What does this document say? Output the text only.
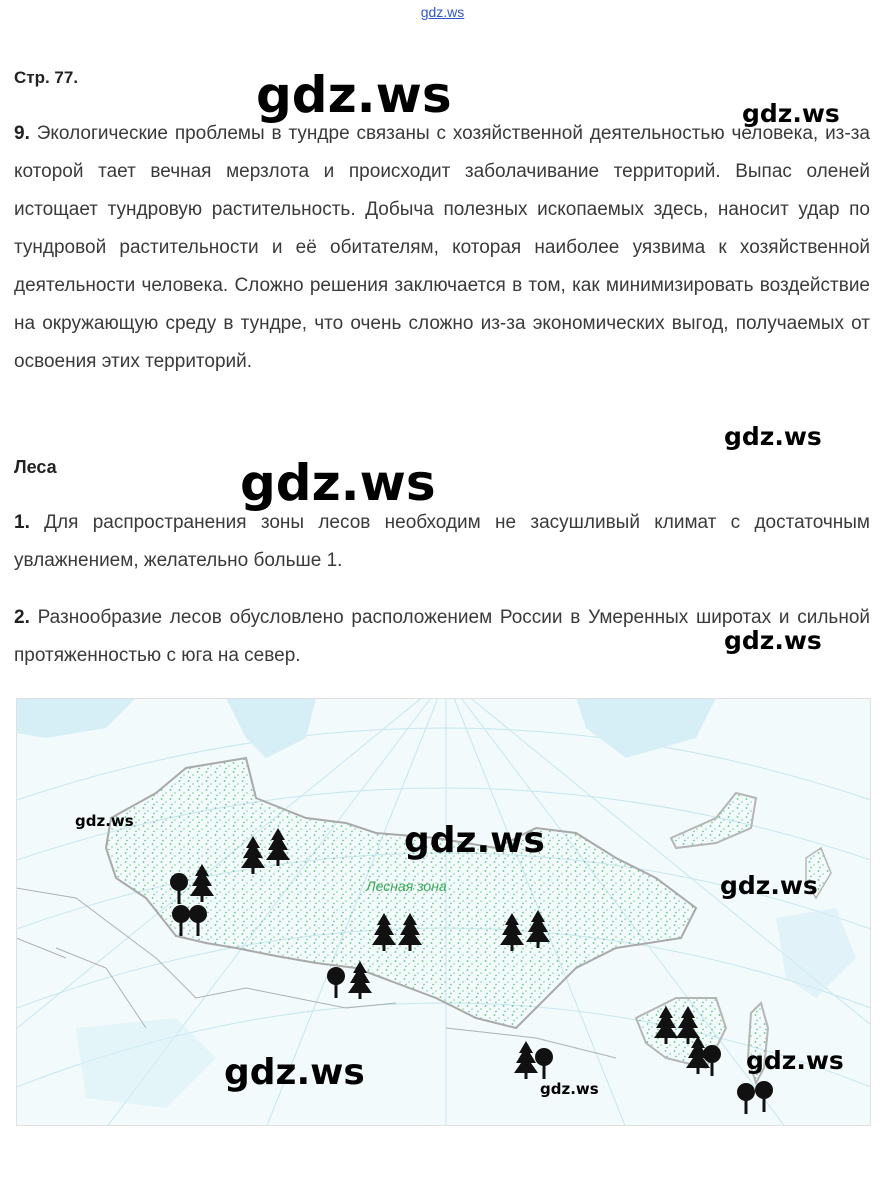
gdz.ws
Стр. 77.

9. Экологические проблемы в тундре связаны с хозяйственной деятельностью человека, из-за которой тает вечная мерзлота и происходит заболачивание территорий. Выпас оленей истощает тундровую растительность. Добыча полезных ископаемых здесь, наносит удар по тундровой растительности и её обитателям, которая наиболее уязвима к хозяйственной деятельности человека. Сложно решения заключается в том, как минимизировать воздействие на окружающую среду в тундре, что очень сложно из-за экономических выгод, получаемых от освоения этих территорий.

Леса

1. Для распространения зоны лесов необходим не засушливый климат с достаточным увлажнением, желательно больше 1.

2. Разнообразие лесов обусловлено расположением России в Умеренных широтах и сильной протяженностью с юга на север.

Лесная зона
gdz.ws	gdz.ws
gdz.ws
gdz.ws
gdz.ws
gdz.ws	gdz.ws
gdz.ws
gdz.ws
gdz.ws	gdz.ws
